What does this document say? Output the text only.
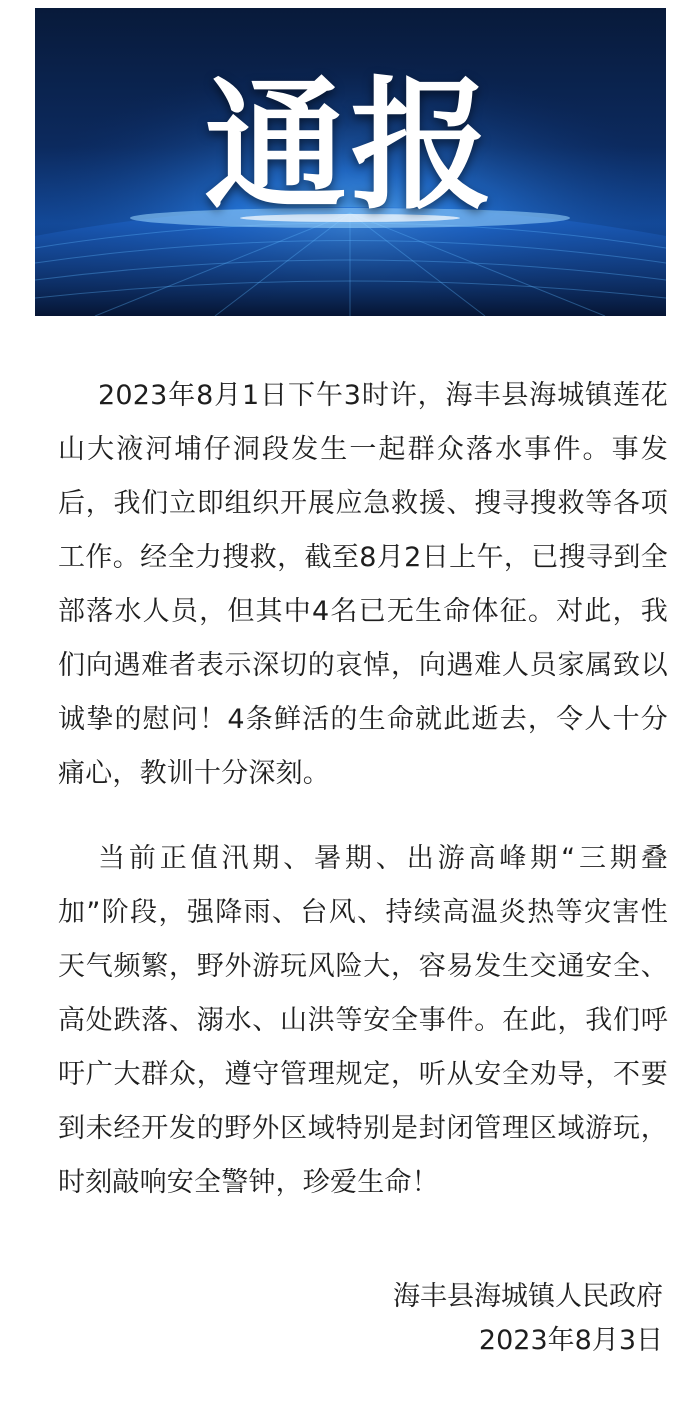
通报

2023年8月1日下午3时许，海丰县海城镇莲花山大液河埔仔洞段发生一起群众落水事件。事发后，我们立即组织开展应急救援、搜寻搜救等各项工作。经全力搜救，截至8月2日上午，已搜寻到全部落水人员，但其中4名已无生命体征。对此，我们向遇难者表示深切的哀悼，向遇难人员家属致以诚挚的慰问！4条鲜活的生命就此逝去，令人十分痛心，教训十分深刻。

当前正值汛期、暑期、出游高峰期“三期叠加”阶段，强降雨、台风、持续高温炎热等灾害性天气频繁，野外游玩风险大，容易发生交通安全、高处跌落、溺水、山洪等安全事件。在此，我们呼吁广大群众，遵守管理规定，听从安全劝导，不要到未经开发的野外区域特别是封闭管理区域游玩，时刻敲响安全警钟，珍爱生命！

海丰县海城镇人民政府
2023年8月3日
